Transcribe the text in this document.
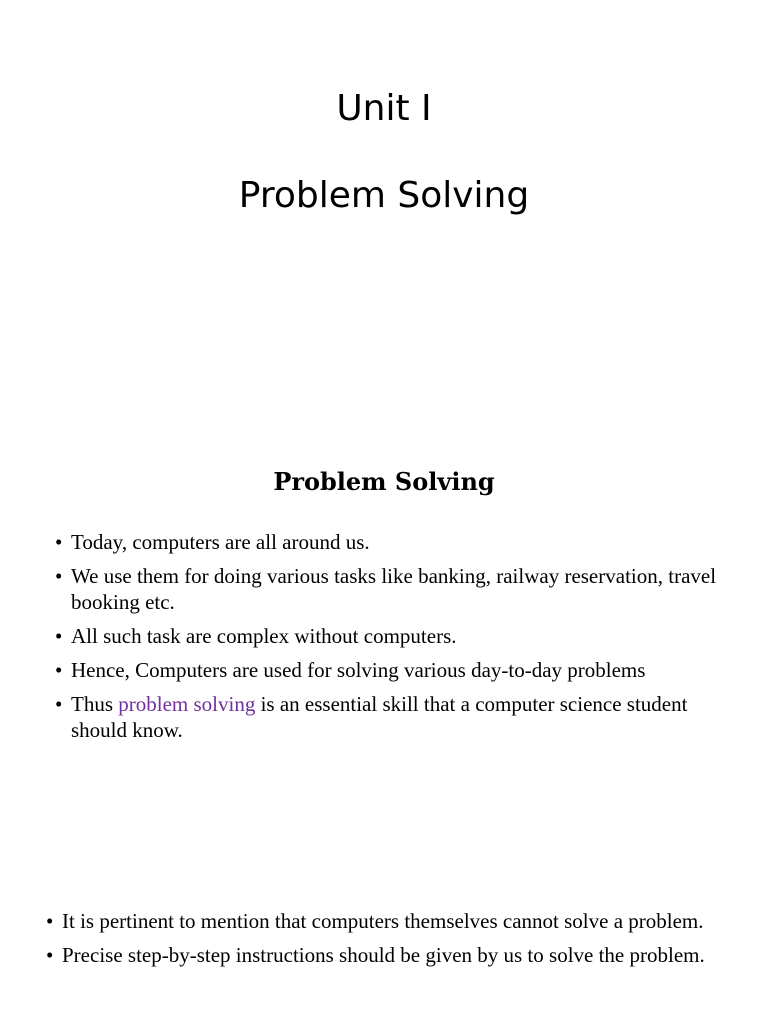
Unit I
Problem Solving
Problem Solving
• Today, computers are all around us.
• We use them for doing various tasks like banking, railway reservation, travel booking etc.
• All such task are complex without computers.
• Hence, Computers are used for solving various day-to-day problems
• Thus problem solving is an essential skill that a computer science student should know.
• It is pertinent to mention that computers themselves cannot solve a problem.
• Precise step-by-step instructions should be given by us to solve the problem.
